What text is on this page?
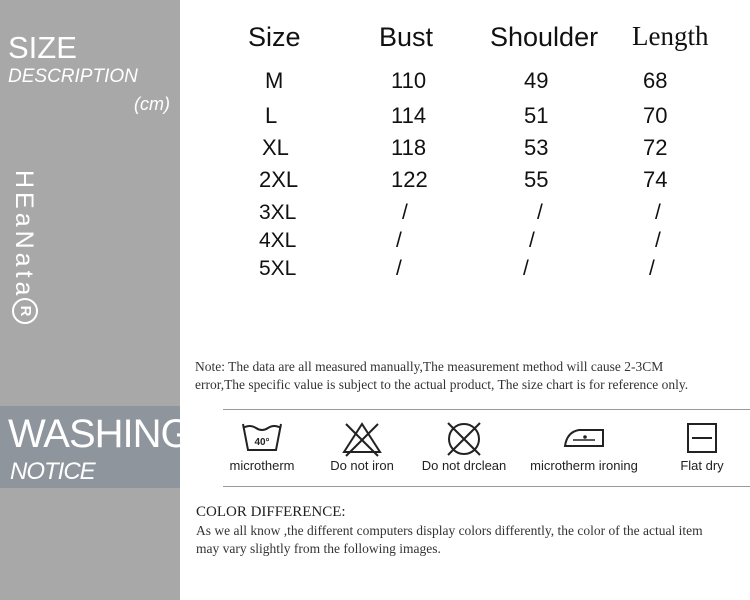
SIZE
DESCRIPTION
(cm)
HEaNata
R
WASHING
NOTICE
Size	Bust Shoulder Length
M	110	49	68
L	114	51	70
XL	118	53	72
2XL	122	55	74
3XL	/	/	/
4XL	/	/	/
5XL	/	/	/
Note: The data are all measured manually,The measurement method will cause 2-3CM
error,The specific value is subject to the actual product, The size chart is for reference only.
40°
microtherm	Do not iron	Do not drclean	microtherm ironing	Flat dry
COLOR DIFFERENCE:
As we all know ,the different computers display colors differently, the color of the actual item
may vary slightly from the following images.
